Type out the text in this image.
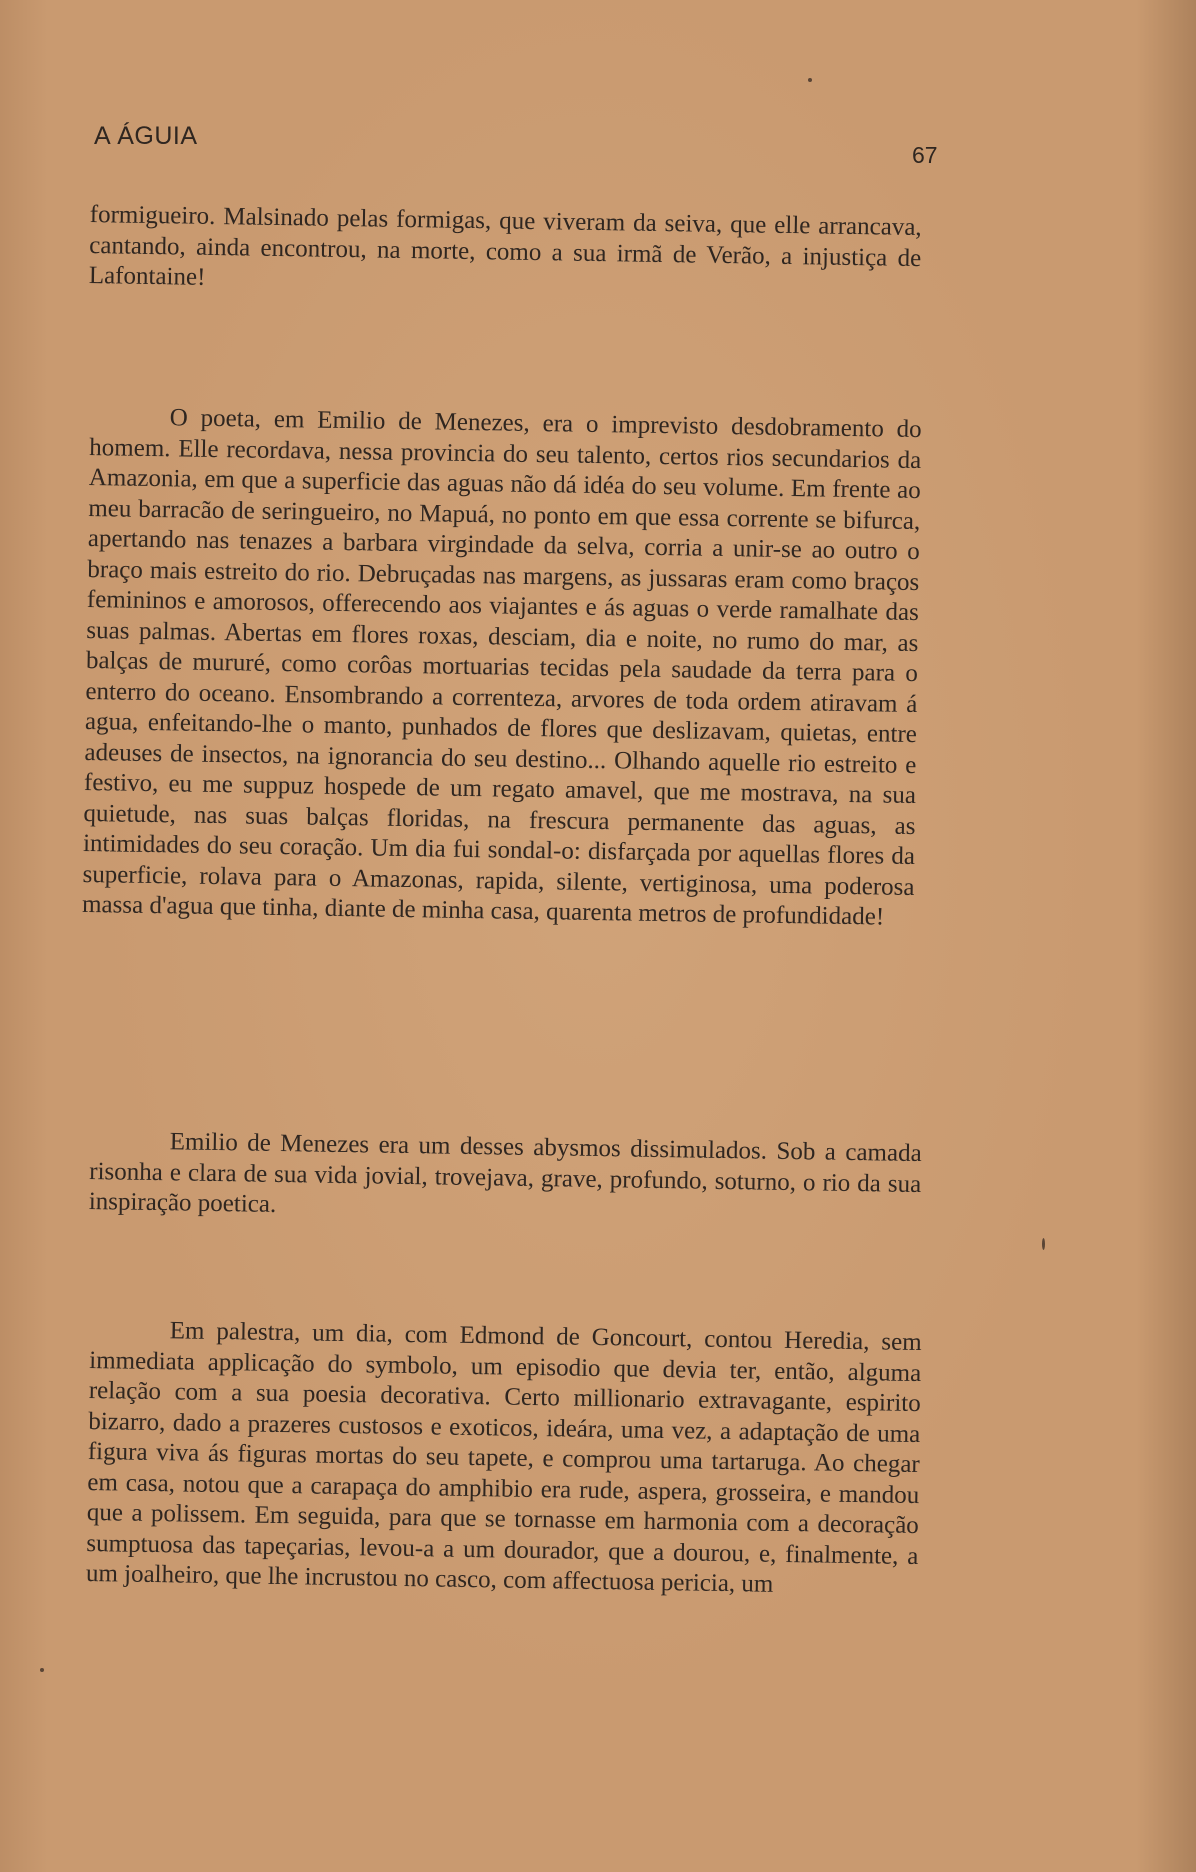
A ÁGUIA
67

formigueiro. Malsinado pelas formigas, que viveram da seiva, que elle arrancava, cantando, ainda encontrou, na morte, como a sua irmã de Verão, a injustiça de Lafontaine!

O poeta, em Emilio de Menezes, era o imprevisto desdobramento do homem. Elle recordava, nessa provincia do seu talento, certos rios secundarios da Amazonia, em que a superficie das aguas não dá idéa do seu volume. Em frente ao meu barracão de seringueiro, no Mapuá, no ponto em que essa corrente se bifurca, apertando nas tenazes a barbara virgindade da selva, corria a unir-se ao outro o braço mais estreito do rio. Debruçadas nas margens, as jussaras eram como braços femininos e amorosos, offerecendo aos viajantes e ás aguas o verde ramalhate das suas palmas. Abertas em flores roxas, desciam, dia e noite, no rumo do mar, as balças de mururé, como corôas mortuarias tecidas pela saudade da terra para o enterro do oceano. Ensombrando a correnteza, arvores de toda ordem atiravam á agua, enfeitando-lhe o manto, punhados de flores que deslizavam, quietas, entre adeuses de insectos, na ignorancia do seu destino... Olhando aquelle rio estreito e festivo, eu me suppuz hospede de um regato amavel, que me mostrava, na sua quietude, nas suas balças floridas, na frescura permanente das aguas, as intimidades do seu coração. Um dia fui sondal-o: disfarçada por aquellas flores da superficie, rolava para o Amazonas, rapida, silente, vertiginosa, uma poderosa massa d'agua que tinha, diante de minha casa, quarenta metros de profundidade!

Emilio de Menezes era um desses abysmos dissimulados. Sob a camada risonha e clara de sua vida jovial, trovejava, grave, profundo, soturno, o rio da sua inspiração poetica.

Em palestra, um dia, com Edmond de Goncourt, contou Heredia, sem immediata applicação do symbolo, um episodio que devia ter, então, alguma relação com a sua poesia decorativa. Certo millionario extravagante, espirito bizarro, dado a prazeres custosos e exoticos, ideára, uma vez, a adaptação de uma figura viva ás figuras mortas do seu tapete, e comprou uma tartaruga. Ao chegar em casa, notou que a carapaça do amphibio era rude, aspera, grosseira, e mandou que a polissem. Em seguida, para que se tornasse em harmonia com a decoração sumptuosa das tapeçarias, levou-a a um dourador, que a dourou, e, finalmente, a um joalheiro, que lhe incrustou no casco, com affectuosa pericia, um
